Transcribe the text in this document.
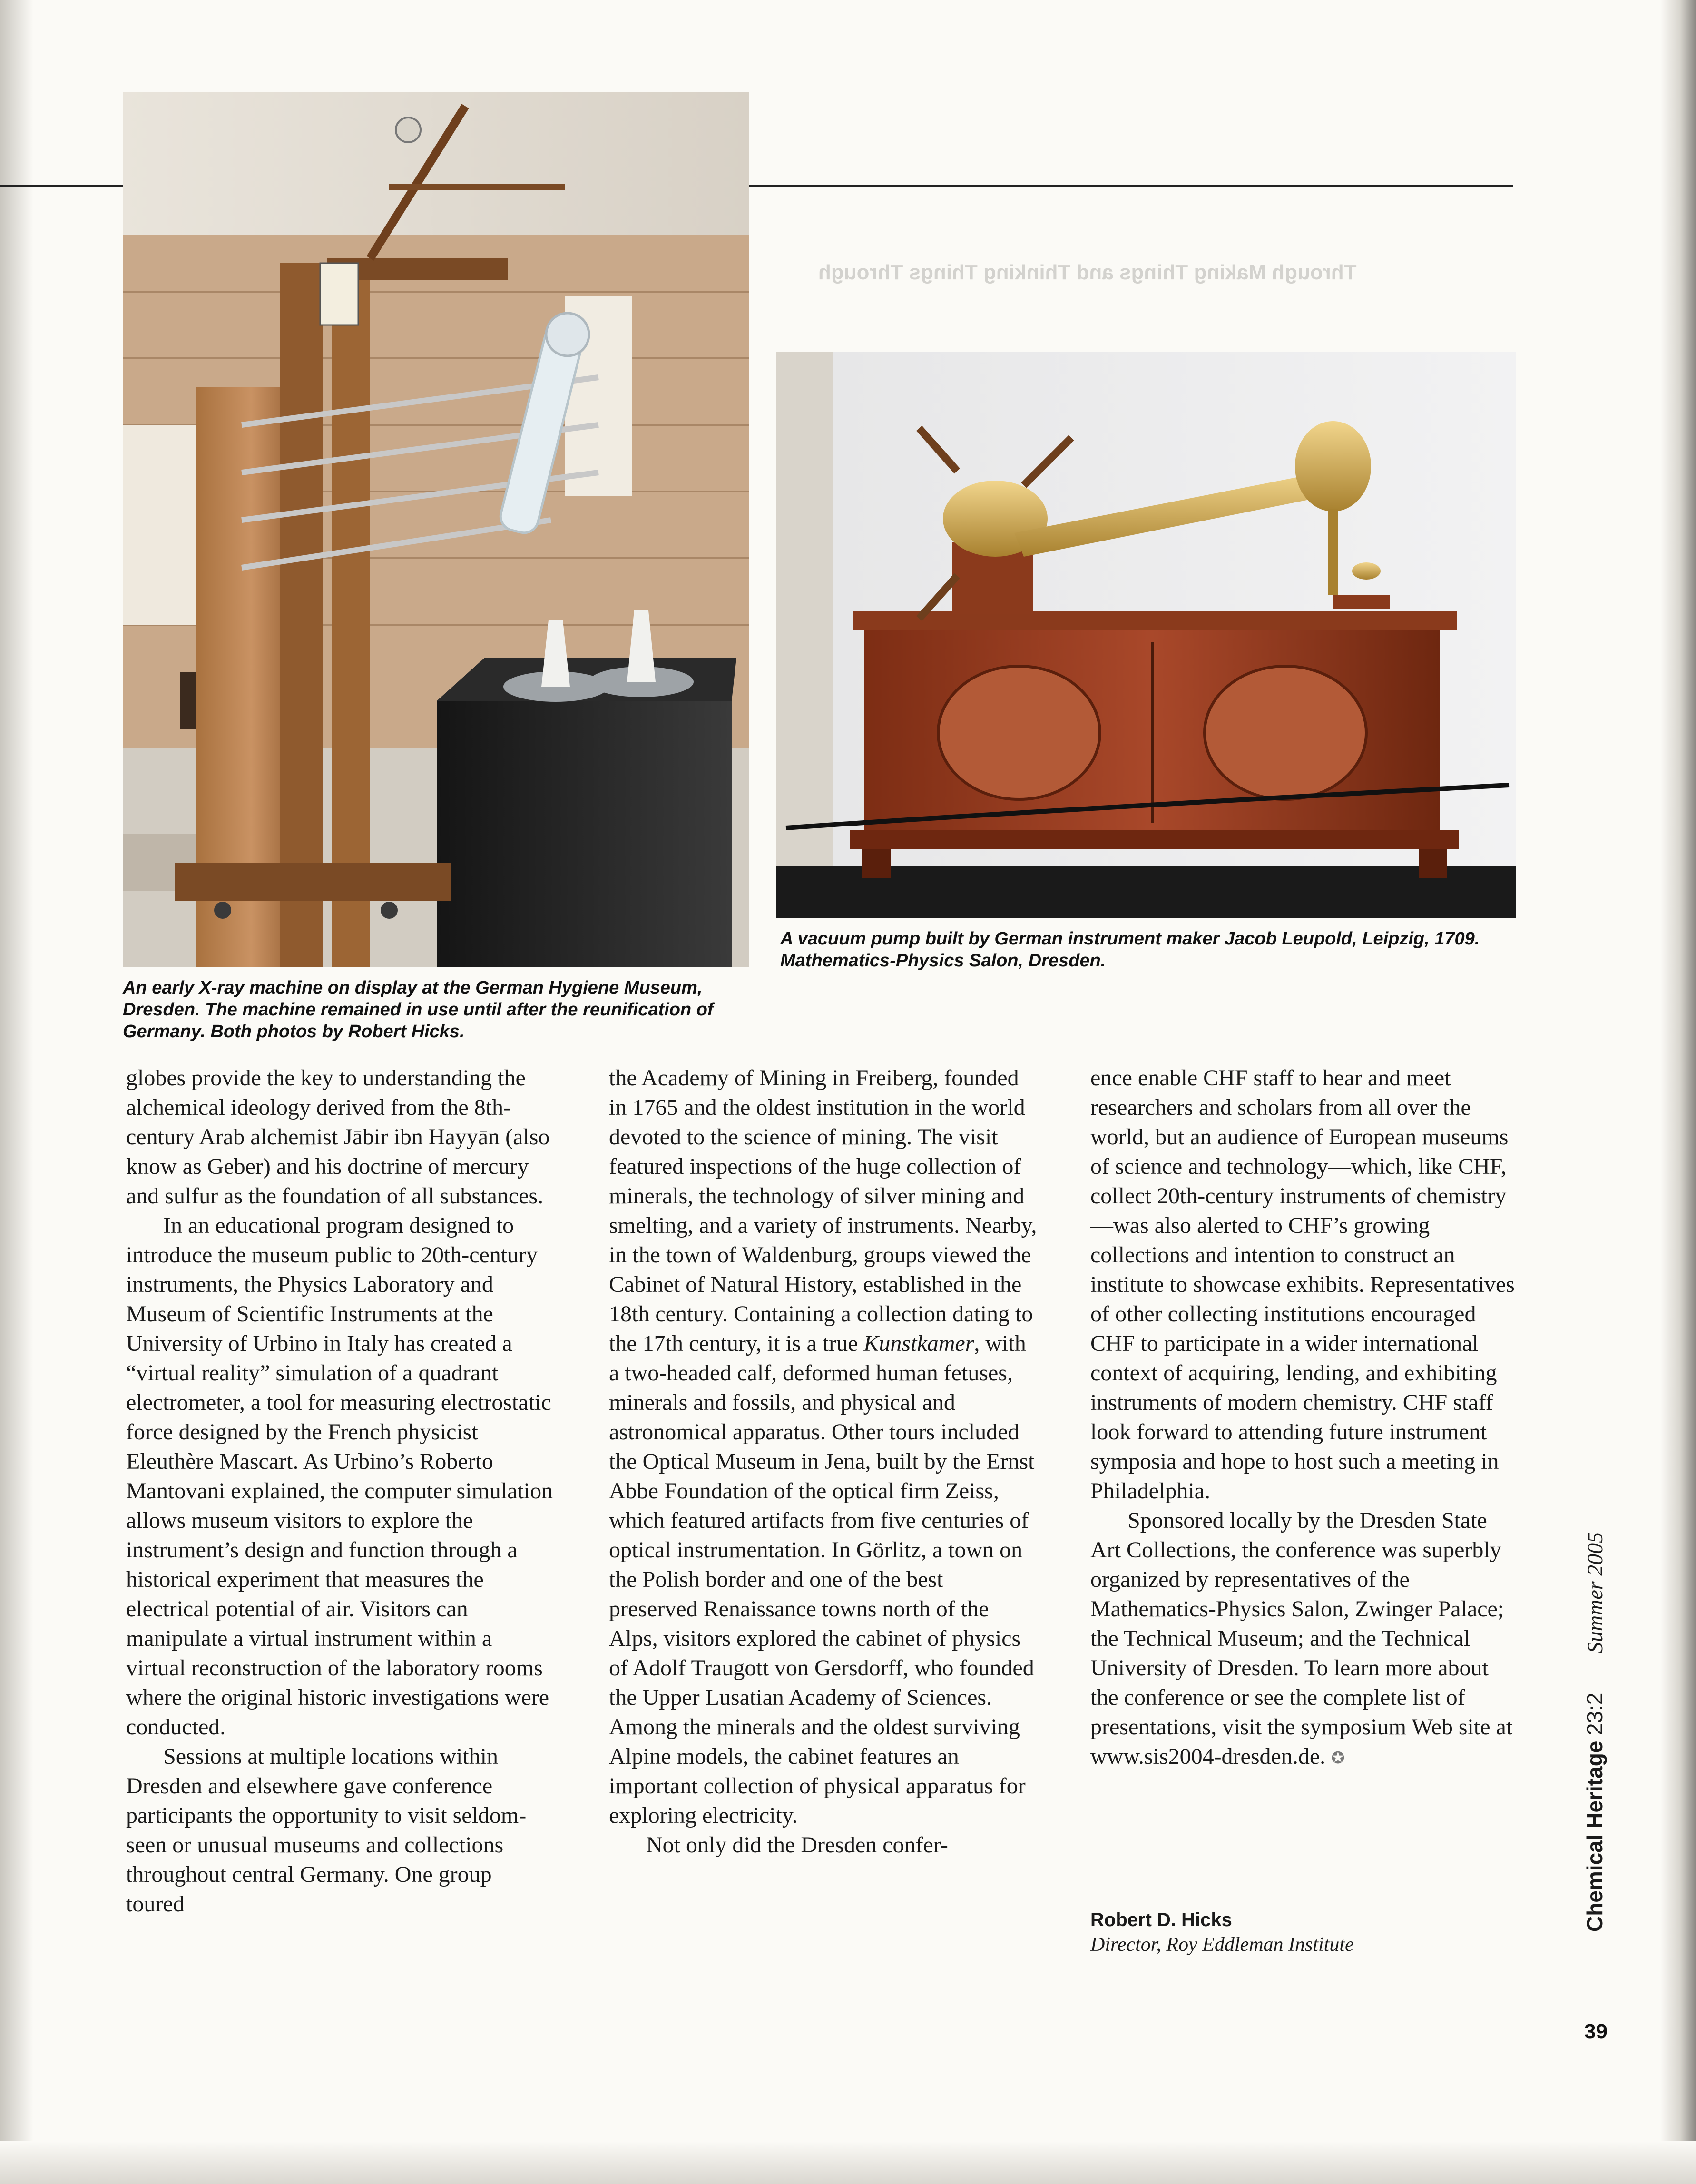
Through Making Things and Thinking Things Through
A vacuum pump built by German instrument maker Jacob Leupold, Leipzig, 1709. Mathematics-Physics Salon, Dresden.
An early X-ray machine on display at the German Hygiene Museum, Dresden. The machine remained in use until after the reunification of Germany. Both photos by Robert Hicks.

globes provide the key to understanding the alchemical ideology derived from the 8th-century Arab alchemist Jābir ibn Hayyān (also know as Geber) and his doctrine of mercury and sulfur as the foundation of all substances.

In an educational program designed to introduce the museum public to 20th-century instruments, the Physics Laboratory and Museum of Scientific Instruments at the University of Urbino in Italy has created a “virtual reality” simulation of a quadrant electrometer, a tool for measuring electrostatic force designed by the French physicist Eleuthère Mascart. As Urbino’s Roberto Mantovani explained, the computer simulation allows museum visitors to explore the instrument’s design and function through a historical experiment that measures the electrical potential of air. Visitors can manipulate a virtual instrument within a virtual reconstruction of the laboratory rooms where the original historic investigations were conducted.

Sessions at multiple locations within Dresden and elsewhere gave conference participants the opportunity to visit seldom-seen or unusual museums and collections throughout central Germany. One group toured

the Academy of Mining in Freiberg, founded in 1765 and the oldest institution in the world devoted to the science of mining. The visit featured inspections of the huge collection of minerals, the technology of silver mining and smelting, and a variety of instruments. Nearby, in the town of Waldenburg, groups viewed the Cabinet of Natural History, established in the 18th century. Containing a collection dating to the 17th century, it is a true Kunstkamer, with a two-headed calf, deformed human fetuses, minerals and fossils, and physical and astronomical apparatus. Other tours included the Optical Museum in Jena, built by the Ernst Abbe Foundation of the optical firm Zeiss, which featured artifacts from five centuries of optical instrumentation. In Görlitz, a town on the Polish border and one of the best preserved Renaissance towns north of the Alps, visitors explored the cabinet of physics of Adolf Traugott von Gersdorff, who founded the Upper Lusatian Academy of Sciences. Among the minerals and the oldest surviving Alpine models, the cabinet features an important collection of physical apparatus for exploring electricity.

Not only did the Dresden confer-

ence enable CHF staff to hear and meet researchers and scholars from all over the world, but an audience of European museums of science and technology—which, like CHF, collect 20th-century instruments of chemistry—was also alerted to CHF’s growing collections and intention to construct an institute to showcase exhibits. Representatives of other collecting institutions encouraged CHF to participate in a wider international context of acquiring, lending, and exhibiting instruments of modern chemistry. CHF staff look forward to attending future instrument symposia and hope to host such a meeting in Philadelphia.

Sponsored locally by the Dresden State Art Collections, the conference was superbly organized by representatives of the Mathematics-Physics Salon, Zwinger Palace; the Technical Museum; and the Technical University of Dresden. To learn more about the conference or see the complete list of presentations, visit the symposium Web site at www.sis2004-dresden.de. ✪

Robert D. Hicks
Director, Roy Eddleman Institute
Chemical Heritage 23:2 Summer 2005
39
